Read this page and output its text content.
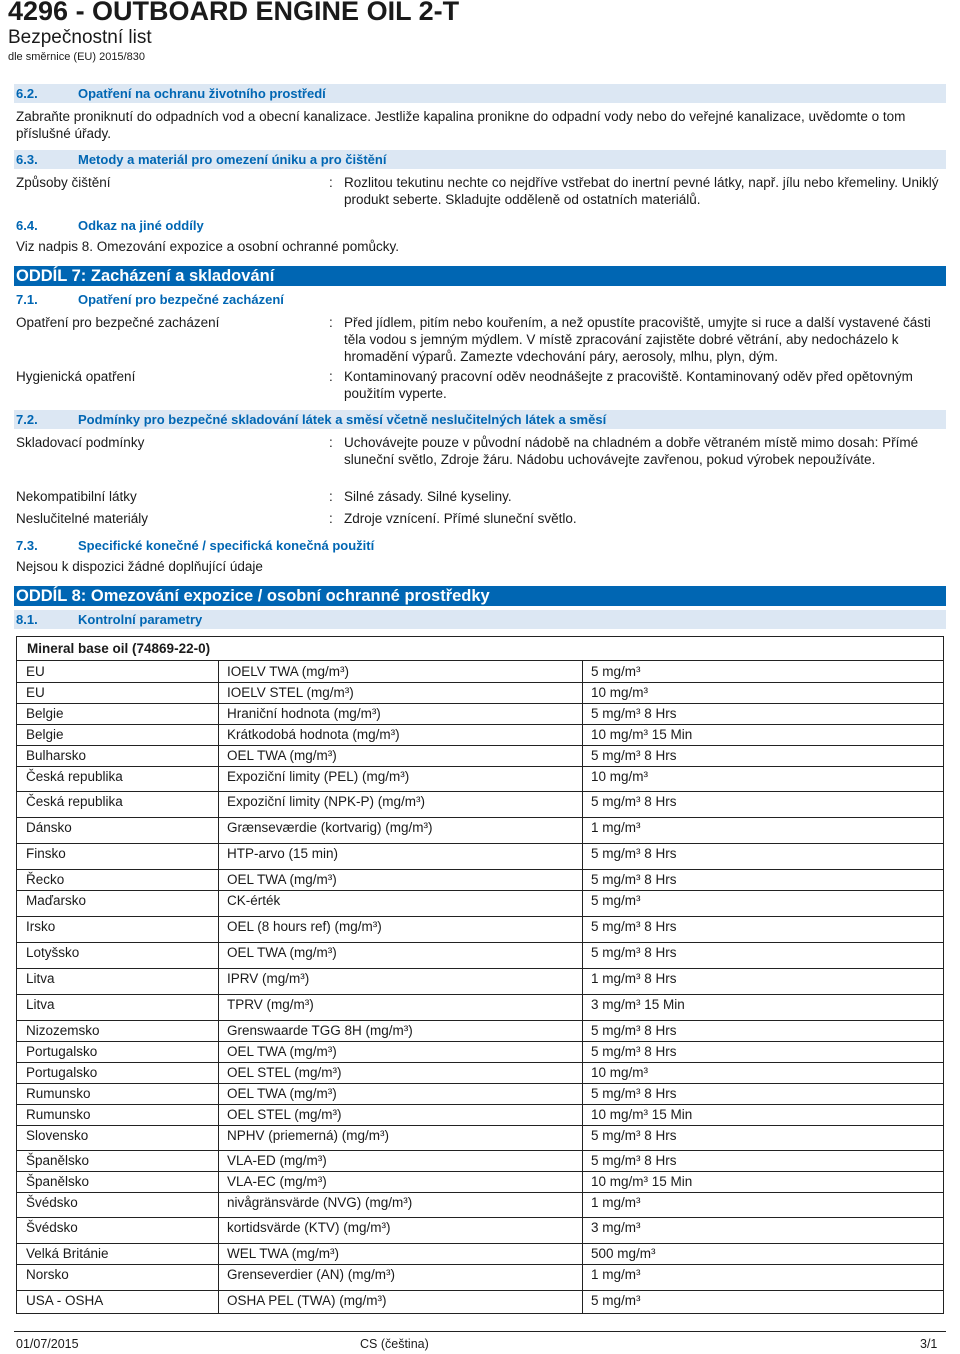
4296 - OUTBOARD ENGINE OIL 2-T
Bezpečnostní list
dle směrnice (EU) 2015/830
6.2.	Opatření na ochranu životního prostředí
Zabraňte proniknutí do odpadních vod a obecní kanalizace. Jestliže kapalina pronikne do odpadní vody nebo do veřejné kanalizace, uvědomte o tom příslušné úřady.
6.3.	Metody a materiál pro omezení úniku a pro čištění
Způsoby čištění	: Rozlitou tekutinu nechte co nejdříve vstřebat do inertní pevné látky, např. jílu nebo křemeliny. Uniklý produkt seberte. Skladujte odděleně od ostatních materiálů.
6.4.	Odkaz na jiné oddíly
Viz nadpis 8. Omezování expozice a osobní ochranné pomůcky.
ODDÍL 7: Zacházení a skladování
7.1.	Opatření pro bezpečné zacházení
Opatření pro bezpečné zacházení	: Před jídlem, pitím nebo kouřením, a než opustíte pracoviště, umyjte si ruce a další vystavené části těla vodou s jemným mýdlem. V místě zpracování zajistěte dobré větrání, aby nedocházelo k hromadění výparů. Zamezte vdechování páry, aerosoly, mlhu, plyn, dým.
Hygienická opatření	: Kontaminovaný pracovní oděv neodnášejte z pracoviště. Kontaminovaný oděv před opětovným použitím vyperte.
7.2.	Podmínky pro bezpečné skladování látek a směsí včetně neslučitelných látek a směsí
Skladovací podmínky	: Uchovávejte pouze v původní nádobě na chladném a dobře větraném místě mimo dosah: Přímé sluneční světlo, Zdroje žáru. Nádobu uchovávejte zavřenou, pokud výrobek nepoužíváte.
Nekompatibilní látky	: Silné zásady. Silné kyseliny.
Neslučitelné materiály	: Zdroje vznícení. Přímé sluneční světlo.
7.3.	Specifické konečné / specifická konečná použití
Nejsou k dispozici žádné doplňující údaje
ODDÍL 8: Omezování expozice / osobní ochranné prostředky
8.1.	Kontrolní parametry
Mineral base oil (74869-22-0)
EU	IOELV TWA (mg/m³)	5 mg/m³
EU	IOELV STEL (mg/m³)	10 mg/m³
Belgie	Hraniční hodnota (mg/m³)	5 mg/m³ 8 Hrs
Belgie	Krátkodobá hodnota (mg/m³)	10 mg/m³ 15 Min
Bulharsko	OEL TWA (mg/m³)	5 mg/m³ 8 Hrs
Česká republika	Expoziční limity (PEL) (mg/m³)	10 mg/m³
Česká republika	Expoziční limity (NPK-P) (mg/m³)	5 mg/m³ 8 Hrs
Dánsko	Grænseværdie (kortvarig) (mg/m³)	1 mg/m³
Finsko	HTP-arvo (15 min)	5 mg/m³ 8 Hrs
Řecko	OEL TWA (mg/m³)	5 mg/m³ 8 Hrs
Maďarsko	CK-érték	5 mg/m³
Irsko	OEL (8 hours ref) (mg/m³)	5 mg/m³ 8 Hrs
Lotyšsko	OEL TWA (mg/m³)	5 mg/m³ 8 Hrs
Litva	IPRV (mg/m³)	1 mg/m³ 8 Hrs
Litva	TPRV (mg/m³)	3 mg/m³ 15 Min
Nizozemsko	Grenswaarde TGG 8H (mg/m³)	5 mg/m³ 8 Hrs
Portugalsko	OEL TWA (mg/m³)	5 mg/m³ 8 Hrs
Portugalsko	OEL STEL (mg/m³)	10 mg/m³
Rumunsko	OEL TWA (mg/m³)	5 mg/m³ 8 Hrs
Rumunsko	OEL STEL (mg/m³)	10 mg/m³ 15 Min
Slovensko	NPHV (priemerná) (mg/m³)	5 mg/m³ 8 Hrs
Španělsko	VLA-ED (mg/m³)	5 mg/m³ 8 Hrs
Španělsko	VLA-EC (mg/m³)	10 mg/m³ 15 Min
Švédsko	nivågränsvärde (NVG) (mg/m³)	1 mg/m³
Švédsko	kortidsvärde (KTV) (mg/m³)	3 mg/m³
Velká Británie	WEL TWA (mg/m³)	500 mg/m³
Norsko	Grenseverdier (AN) (mg/m³)	1 mg/m³
USA - OSHA	OSHA PEL (TWA) (mg/m³)	5 mg/m³
01/07/2015	CS (čeština)	3/1
